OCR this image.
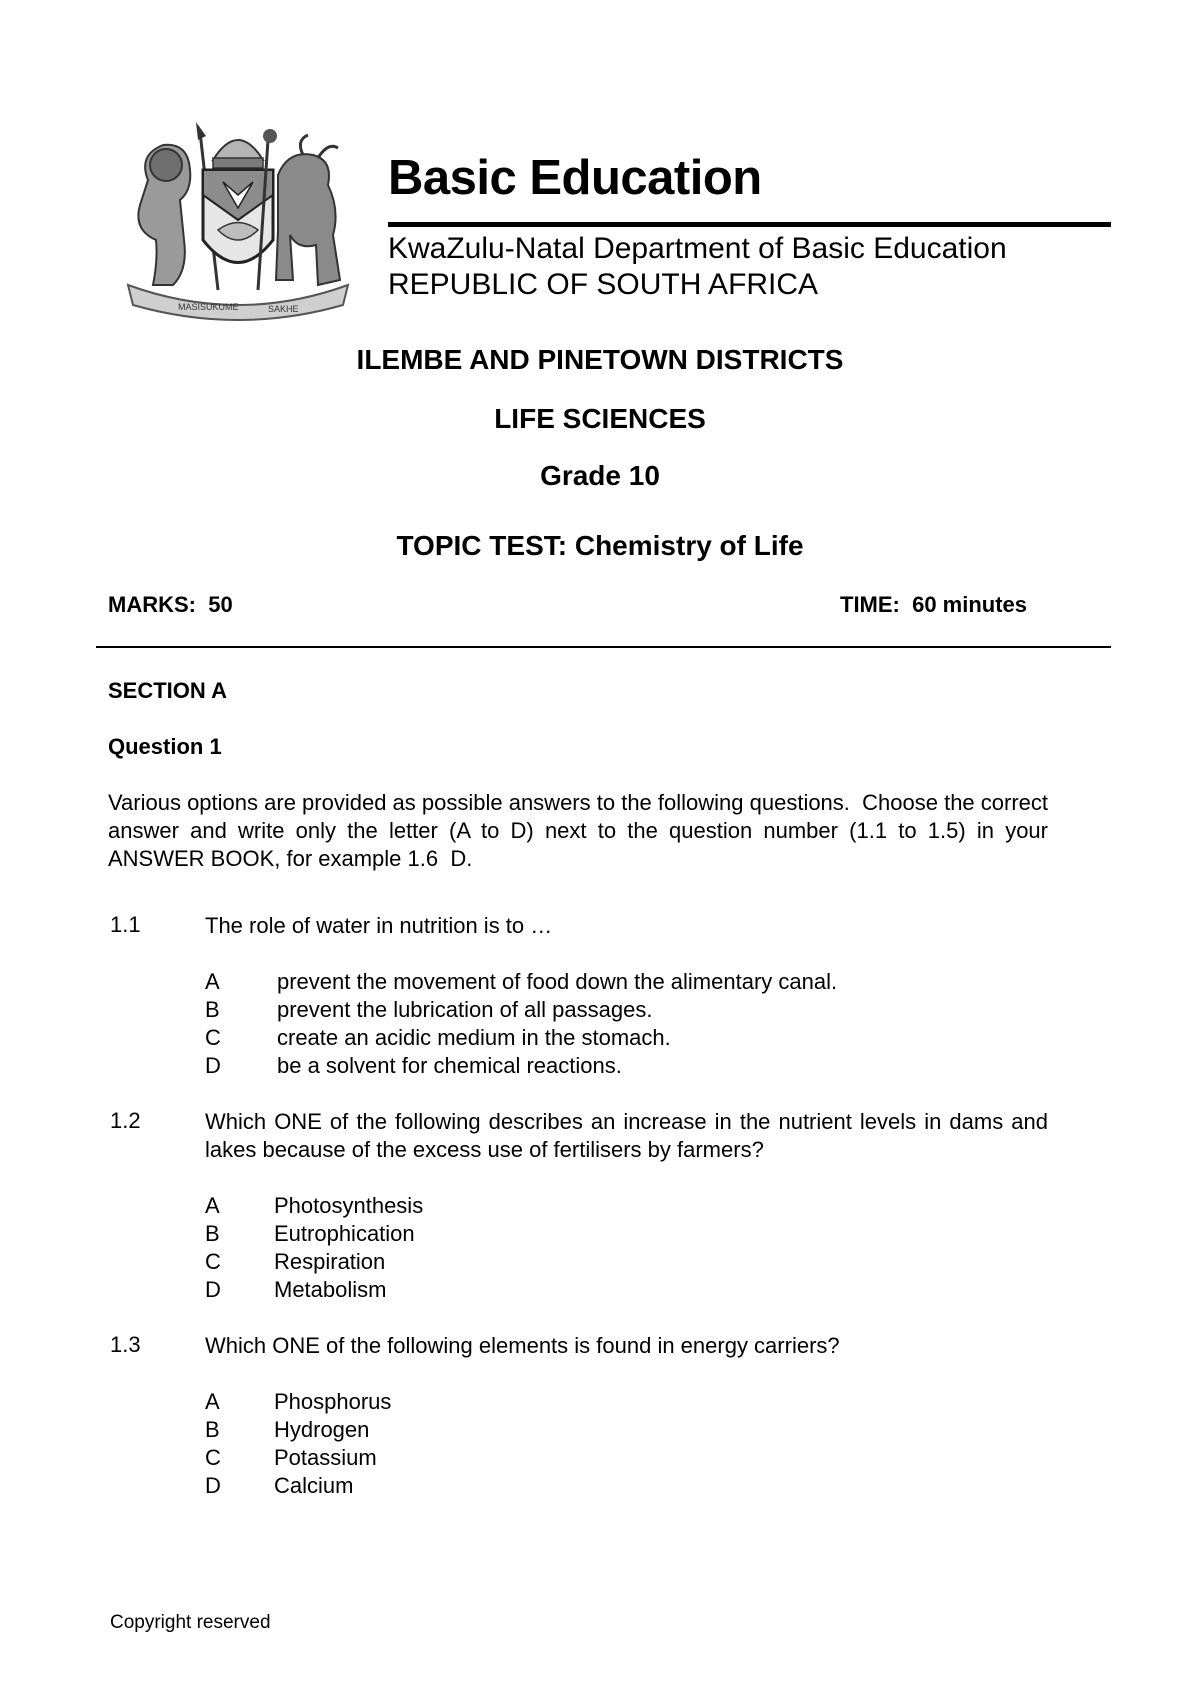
MASISUKUME	SAKHE
Basic Education
KwaZulu-Natal Department of Basic Education
REPUBLIC OF SOUTH AFRICA
ILEMBE AND PINETOWN DISTRICTS
LIFE SCIENCES
Grade 10
TOPIC TEST: Chemistry of Life
MARKS:  50	TIME:  60 minutes
SECTION A
Question 1
Various options are provided as possible answers to the following questions.  Choose the correct answer and write only the letter (A to D) next to the question number (1.1 to 1.5) in your ANSWER BOOK, for example 1.6  D.
1.1	The role of water in nutrition is to …
A	prevent the movement of food down the alimentary canal.
B	prevent the lubrication of all passages.
C	create an acidic medium in the stomach.
D	be a solvent for chemical reactions.
1.2	Which ONE of the following describes an increase in the nutrient levels in dams and lakes because of the excess use of fertilisers by farmers?
A Photosynthesis
B Eutrophication
C Respiration
D Metabolism
1.3	Which ONE of the following elements is found in energy carriers?
A Phosphorus
B Hydrogen
C Potassium
D Calcium
Copyright reserved
